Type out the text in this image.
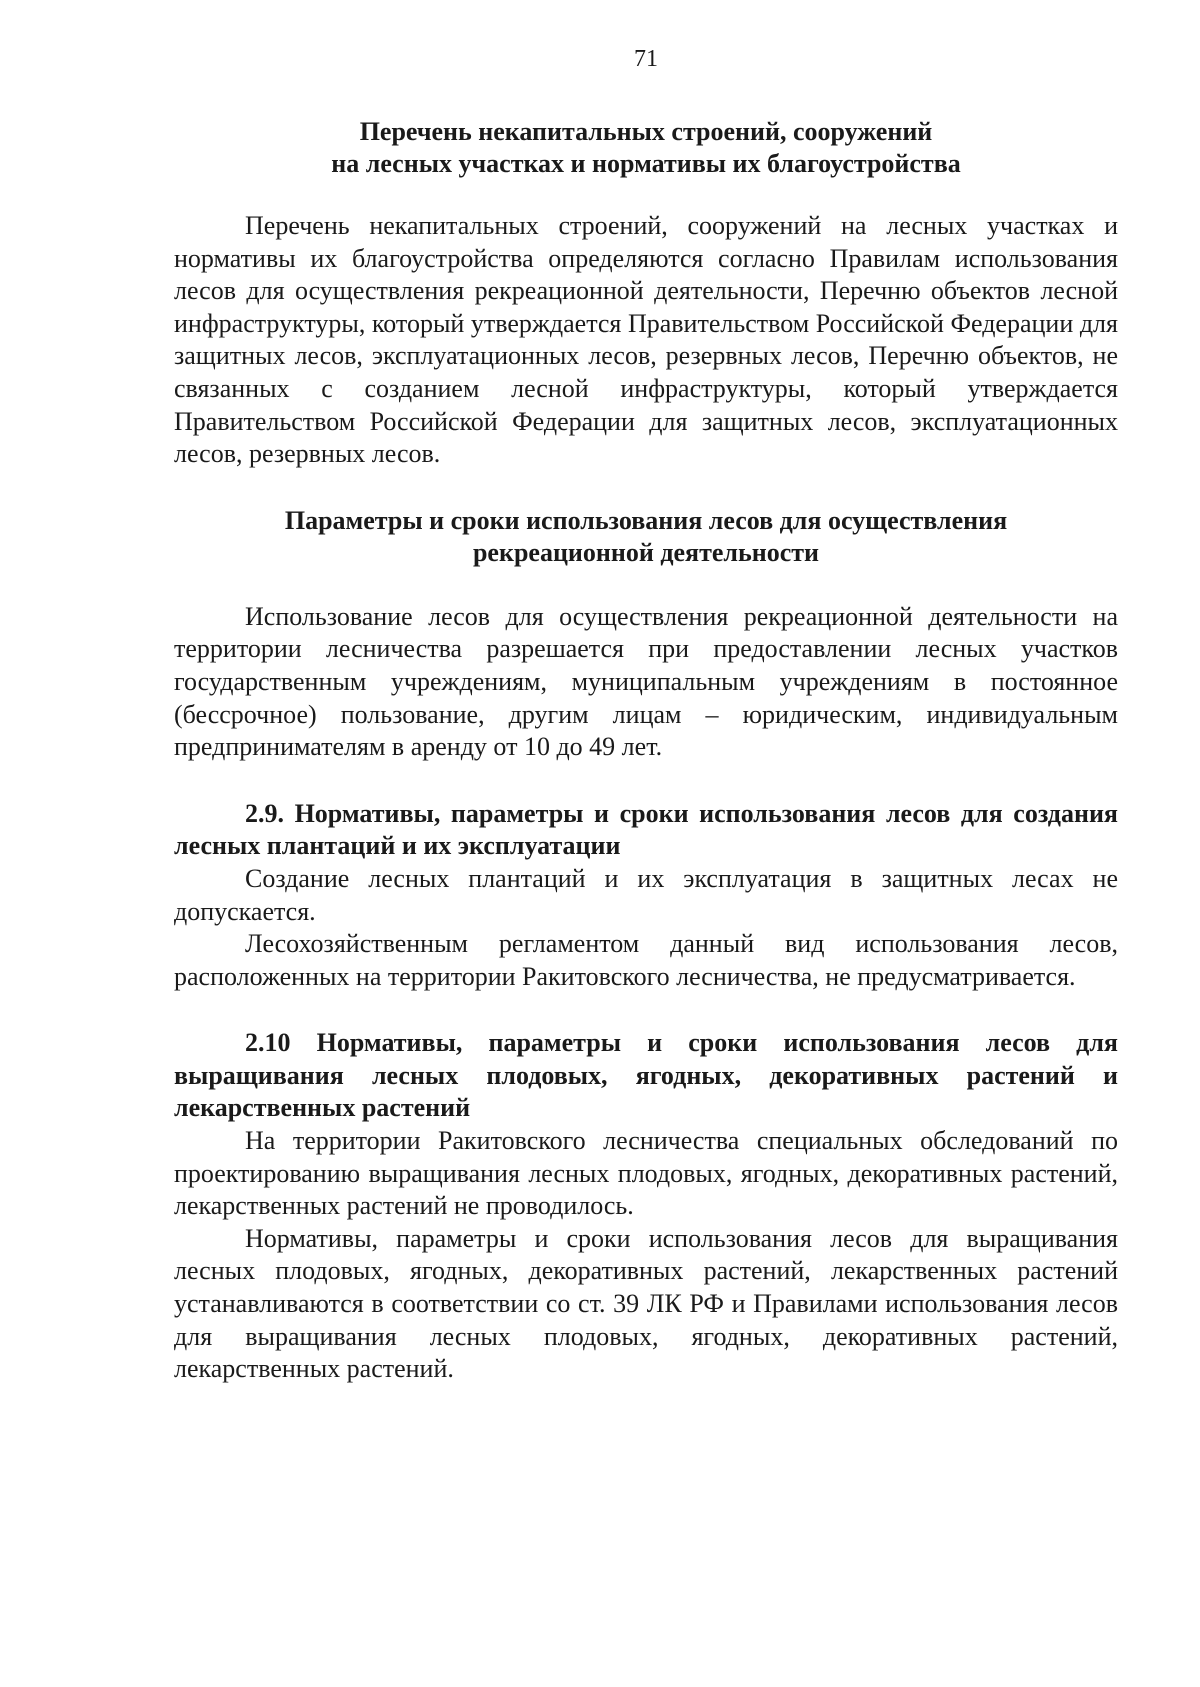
71

Перечень некапитальных строений, сооружений
на лесных участках и нормативы их благоустройства

Перечень некапитальных строений, сооружений на лесных участках и нормативы их благоустройства определяются согласно Правилам использования лесов для осуществления рекреационной деятельности, Перечню объектов лесной инфраструктуры, который утверждается Правительством Российской Федерации для защитных лесов, эксплуатационных лесов, резервных лесов, Перечню объектов, не связанных с созданием лесной инфраструктуры, который утверждается Правительством Российской Федерации для защитных лесов, эксплуатационных лесов, резервных лесов.

Параметры и сроки использования лесов для осуществления
рекреационной деятельности

Использование лесов для осуществления рекреационной деятельности на территории лесничества разрешается при предоставлении лесных участков государственным учреждениям, муниципальным учреждениям в постоянное (бессрочное) пользование, другим лицам – юридическим, индивидуальным предпринимателям в аренду от 10 до 49 лет.

2.9. Нормативы, параметры и сроки использования лесов для создания лесных плантаций и их эксплуатации

Создание лесных плантаций и их эксплуатация в защитных лесах не допускается.

Лесохозяйственным регламентом данный вид использования лесов, расположенных на территории Ракитовского лесничества, не предусматривается.

2.10 Нормативы, параметры и сроки использования лесов для выращивания лесных плодовых, ягодных, декоративных растений и лекарственных растений

На территории Ракитовского лесничества специальных обследований по проектированию выращивания лесных плодовых, ягодных, декоративных растений, лекарственных растений не проводилось.

Нормативы, параметры и сроки использования лесов для выращивания лесных плодовых, ягодных, декоративных растений, лекарственных растений устанавливаются в соответствии со ст. 39 ЛК РФ и Правилами использования лесов для выращивания лесных плодовых, ягодных, декоративных растений, лекарственных растений.
